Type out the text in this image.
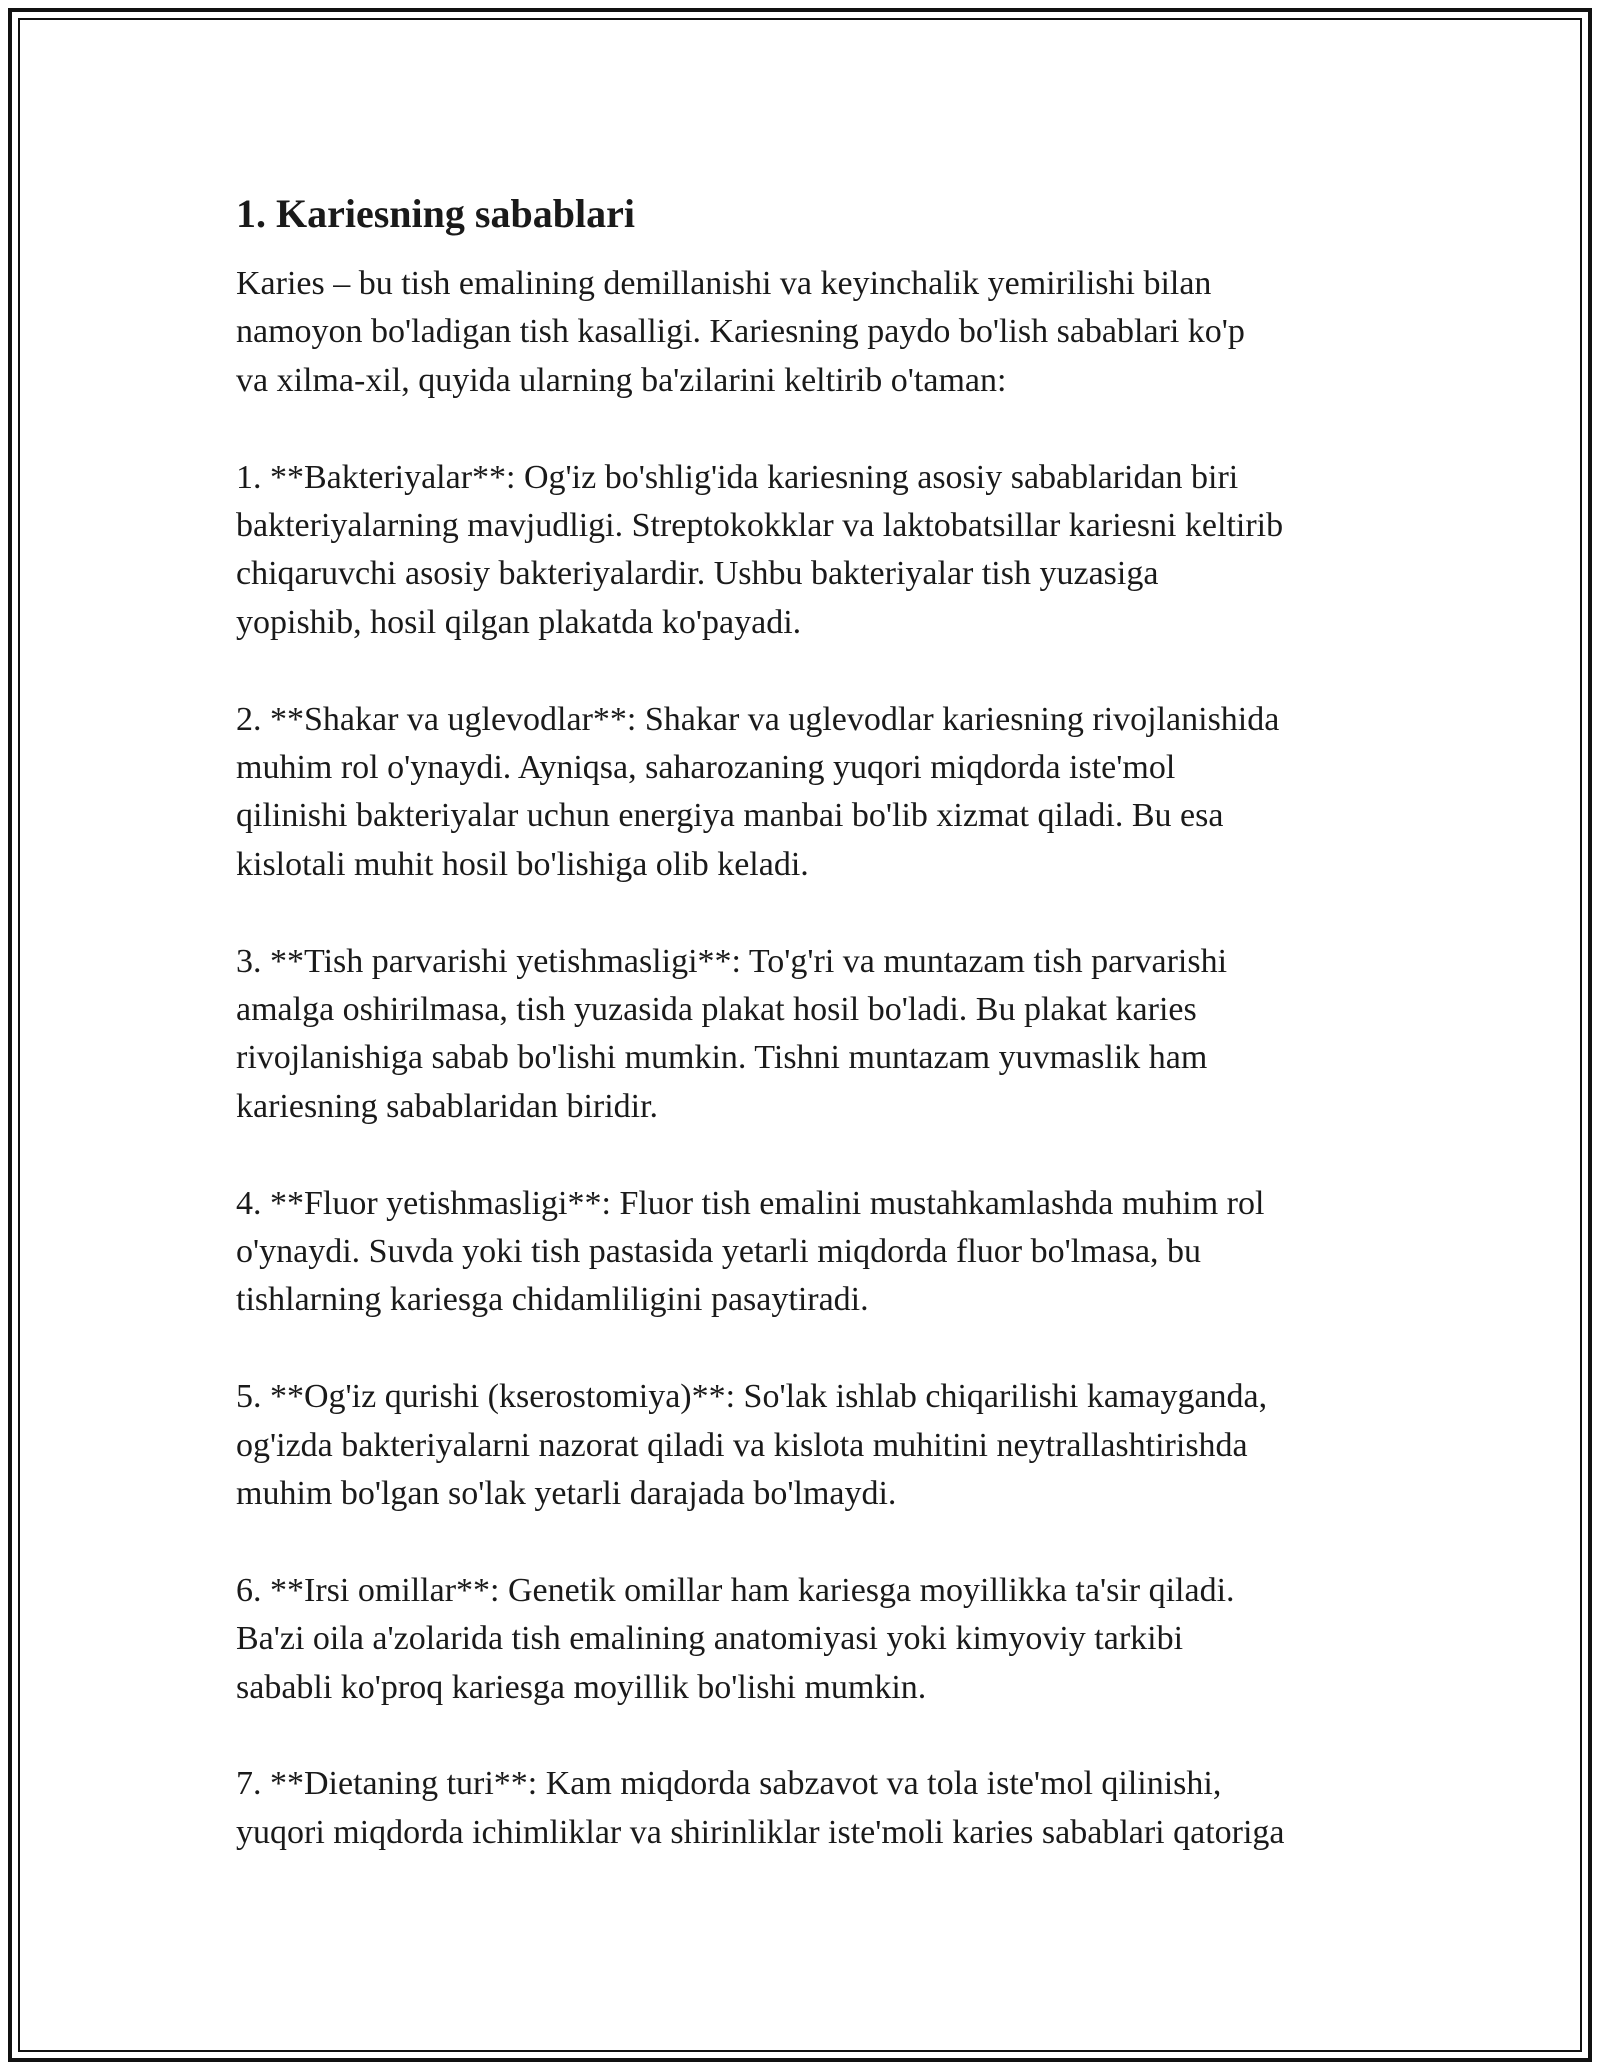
1. Kariesning sabablari

Karies – bu tish emalining demillanishi va keyinchalik yemirilishi bilan
namoyon bo'ladigan tish kasalligi. Kariesning paydo bo'lish sabablari ko'p
va xilma-xil, quyida ularning ba'zilarini keltirib o'taman:

1. **Bakteriyalar**: Og'iz bo'shlig'ida kariesning asosiy sabablaridan biri
bakteriyalarning mavjudligi. Streptokokklar va laktobatsillar kariesni keltirib
chiqaruvchi asosiy bakteriyalardir. Ushbu bakteriyalar tish yuzasiga
yopishib, hosil qilgan plakatda ko'payadi.

2. **Shakar va uglevodlar**: Shakar va uglevodlar kariesning rivojlanishida
muhim rol o'ynaydi. Ayniqsa, saharozaning yuqori miqdorda iste'mol
qilinishi bakteriyalar uchun energiya manbai bo'lib xizmat qiladi. Bu esa
kislotali muhit hosil bo'lishiga olib keladi.

3. **Tish parvarishi yetishmasligi**: To'g'ri va muntazam tish parvarishi
amalga oshirilmasa, tish yuzasida plakat hosil bo'ladi. Bu plakat karies
rivojlanishiga sabab bo'lishi mumkin. Tishni muntazam yuvmaslik ham
kariesning sabablaridan biridir.

4. **Fluor yetishmasligi**: Fluor tish emalini mustahkamlashda muhim rol
o'ynaydi. Suvda yoki tish pastasida yetarli miqdorda fluor bo'lmasa, bu
tishlarning kariesga chidamliligini pasaytiradi.

5. **Og'iz qurishi (kserostomiya)**: So'lak ishlab chiqarilishi kamayganda,
og'izda bakteriyalarni nazorat qiladi va kislota muhitini neytrallashtirishda
muhim bo'lgan so'lak yetarli darajada bo'lmaydi.

6. **Irsi omillar**: Genetik omillar ham kariesga moyillikka ta'sir qiladi.
Ba'zi oila a'zolarida tish emalining anatomiyasi yoki kimyoviy tarkibi
sababli ko'proq kariesga moyillik bo'lishi mumkin.

7. **Dietaning turi**: Kam miqdorda sabzavot va tola iste'mol qilinishi,
yuqori miqdorda ichimliklar va shirinliklar iste'moli karies sabablari qatoriga
